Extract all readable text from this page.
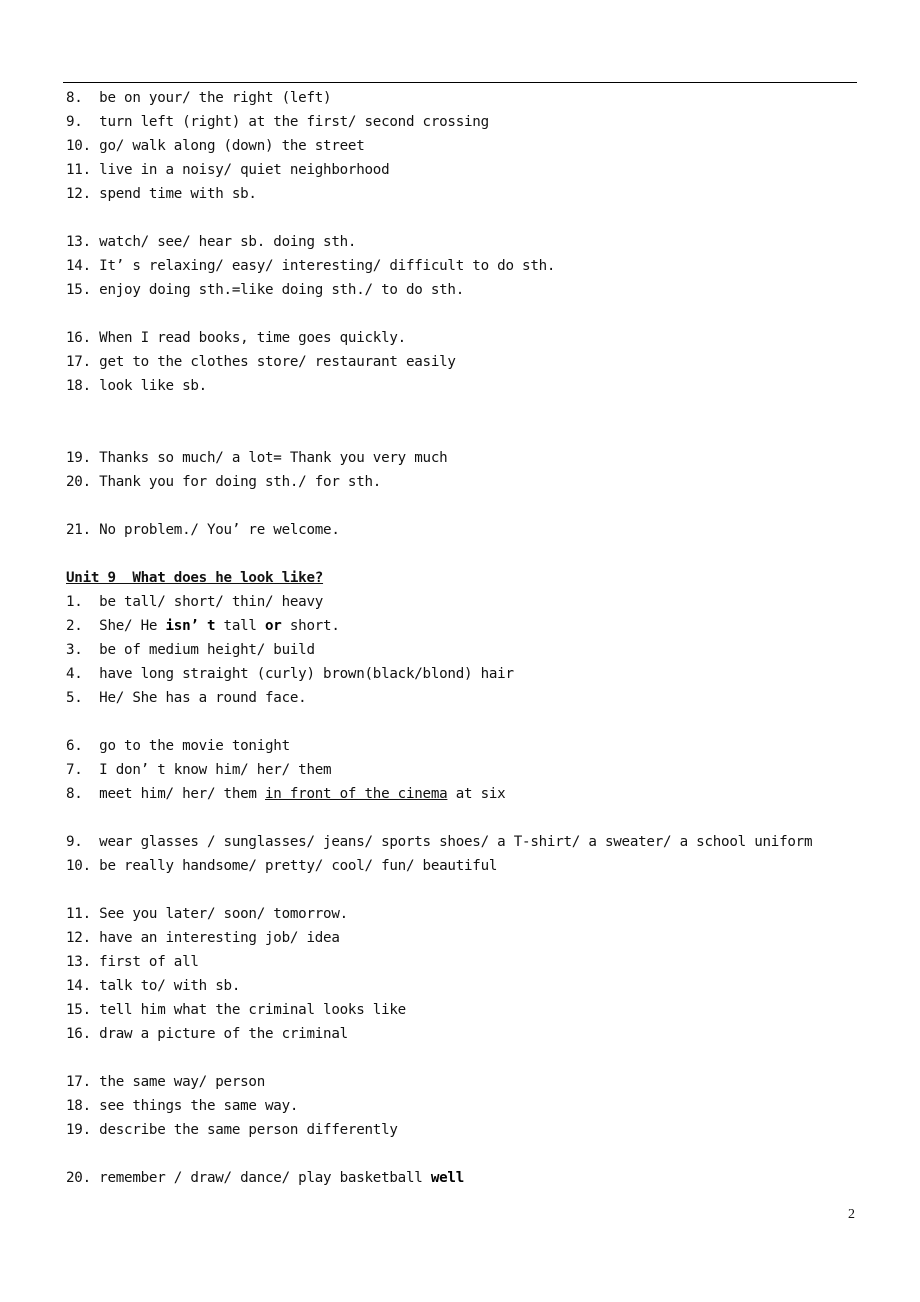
8.  be on your/ the right (left)
9.  turn left (right) at the first/ second crossing
10. go/ walk along (down) the street
11. live in a noisy/ quiet neighborhood
12. spend time with sb.
13. watch/ see/ hear sb. doing sth.
14. It’ s relaxing/ easy/ interesting/ difficult to do sth.
15. enjoy doing sth.=like doing sth./ to do sth.
16. When I read books, time goes quickly.
17. get to the clothes store/ restaurant easily
18. look like sb.
19. Thanks so much/ a lot= Thank you very much
20. Thank you for doing sth./ for sth.
21. No problem./ You’ re welcome.
Unit 9  What does he look like?
1.  be tall/ short/ thin/ heavy
2.  She/ He isn’ t tall or short.
3.  be of medium height/ build
4.  have long straight (curly) brown(black/blond) hair
5.  He/ She has a round face.
6.  go to the movie tonight
7.  I don’ t know him/ her/ them
8.  meet him/ her/ them in front of the cinema at six
9.  wear glasses / sunglasses/ jeans/ sports shoes/ a T-shirt/ a sweater/ a school uniform
10. be really handsome/ pretty/ cool/ fun/ beautiful
11. See you later/ soon/ tomorrow.
12. have an interesting job/ idea
13. first of all
14. talk to/ with sb.
15. tell him what the criminal looks like
16. draw a picture of the criminal
17. the same way/ person
18. see things the same way.
19. describe the same person differently
20. remember / draw/ dance/ play basketball well
2
